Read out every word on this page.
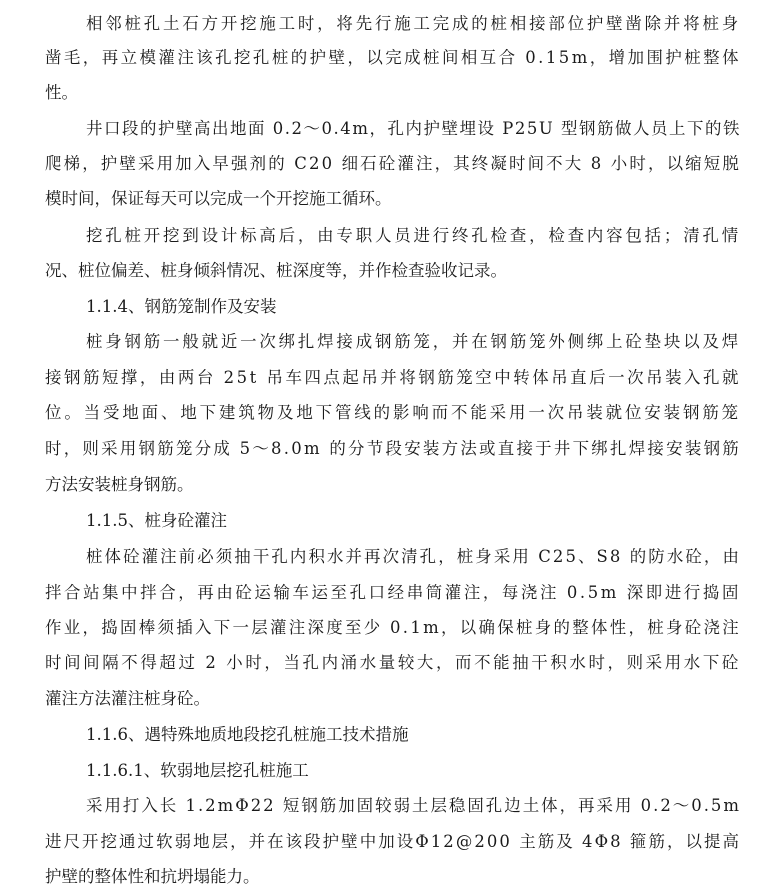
相邻桩孔土石方开挖施工时，将先行施工完成的桩相接部位护壁凿除并将桩身
凿毛，再立模灌注该孔挖孔桩的护壁，以完成桩间相互合 0.15m，增加围护桩整体
性。
井口段的护壁高出地面 0.2～0.4m，孔内护壁埋设 P25U 型钢筋做人员上下的铁
爬梯，护壁采用加入早强剂的 C20 细石砼灌注，其终凝时间不大 8 小时，以缩短脱
模时间，保证每天可以完成一个开挖施工循环。
挖孔桩开挖到设计标高后，由专职人员进行终孔检查，检查内容包括；清孔情
况、桩位偏差、桩身倾斜情况、桩深度等，并作检查验收记录。
1.1.4、钢筋笼制作及安装
桩身钢筋一般就近一次绑扎焊接成钢筋笼，并在钢筋笼外侧绑上砼垫块以及焊
接钢筋短撑，由两台 25t 吊车四点起吊并将钢筋笼空中转体吊直后一次吊装入孔就
位。当受地面、地下建筑物及地下管线的影响而不能采用一次吊装就位安装钢筋笼
时，则采用钢筋笼分成 5～8.0m 的分节段安装方法或直接于井下绑扎焊接安装钢筋
方法安装桩身钢筋。
1.1.5、桩身砼灌注
桩体砼灌注前必须抽干孔内积水并再次清孔，桩身采用 C25、S8 的防水砼，由
拌合站集中拌合，再由砼运输车运至孔口经串筒灌注，每浇注 0.5m 深即进行捣固
作业，捣固棒须插入下一层灌注深度至少 0.1m，以确保桩身的整体性，桩身砼浇注
时间间隔不得超过 2 小时，当孔内涌水量较大，而不能抽干积水时，则采用水下砼
灌注方法灌注桩身砼。
1.1.6、遇特殊地质地段挖孔桩施工技术措施
1.1.6.1、软弱地层挖孔桩施工
采用打入长 1.2mΦ22 短钢筋加固较弱土层稳固孔边土体，再采用 0.2～0.5m
进尺开挖通过软弱地层，并在该段护壁中加设Φ12@200 主筋及 4Φ8 箍筋，以提高
护壁的整体性和抗坍塌能力。
